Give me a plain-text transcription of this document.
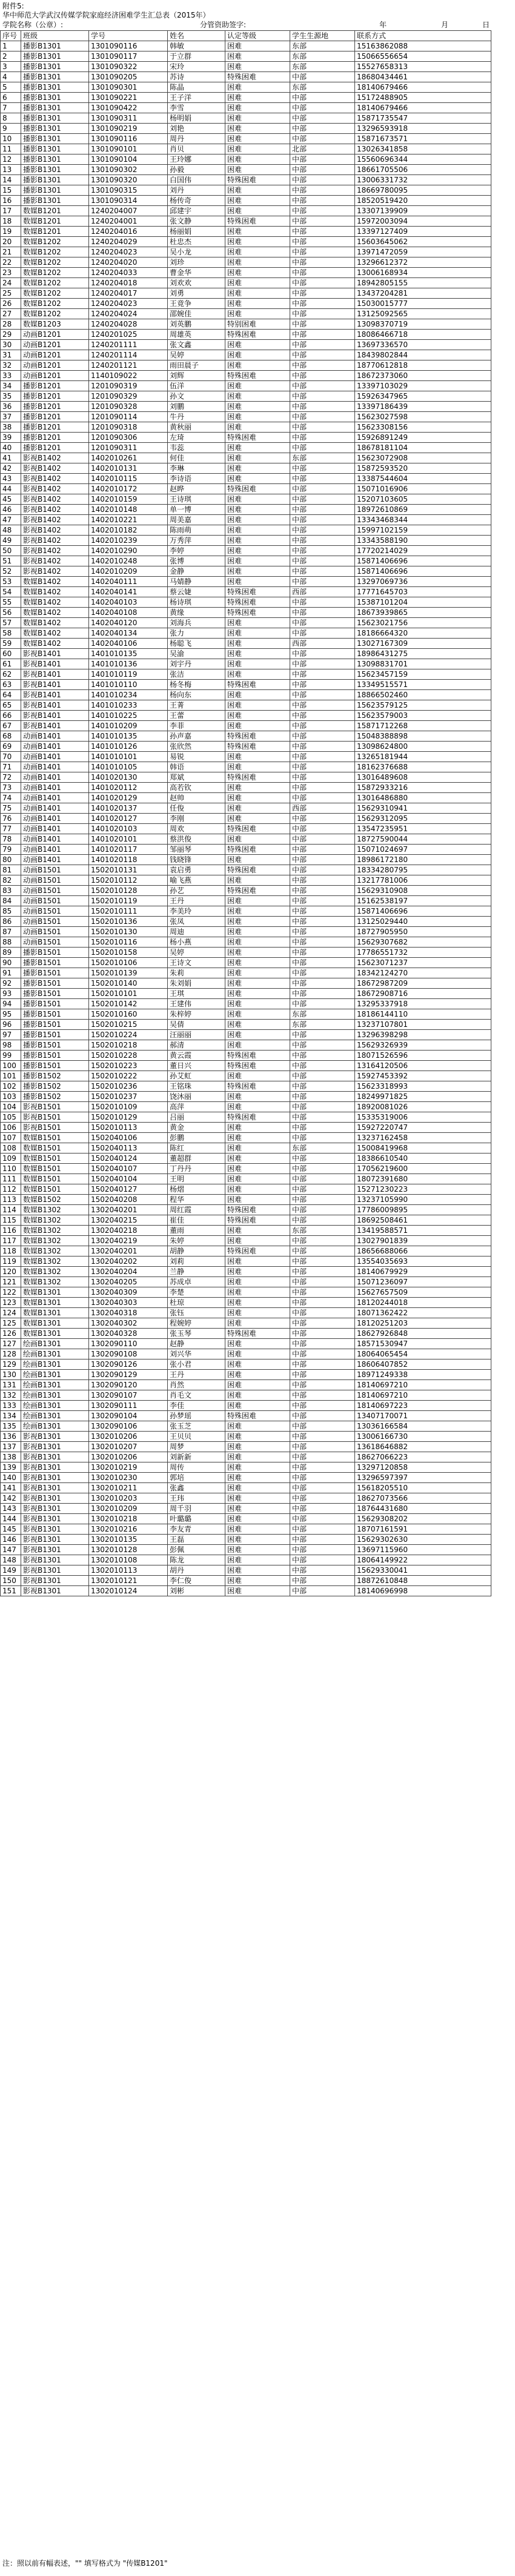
附件5:
华中师范大学武汉传媒学院家庭经济困难学生汇总表（2015年）
学院名称（公章）:	分管资助签字:	年	月	日
序号	班级	学号	姓名	认定等级	学生生源地	联系方式
1	播影B1301	1301090116	韩敏	困难	东部	15163862088
2	播影B1301	1301090117	于立群	困难	东部	15066556654
3	播影B1301	1301090322	宋玲	困难	东部	15527658313
4	播影B1301	1301090205	苏诗	特殊困难	中部	18680434461
5	播影B1301	1301090301	陈晶	困难	东部	18140679466
6	播影B1301	1301090221	王子洋	困难	中部	15172488905
7	播影B1301	1301090422	李雪	困难	中部	18140679466
8	播影B1301	1301090311	杨明娟	困难	中部	15871735547
9	播影B1301	1301090219	刘艳	困难	中部	13296593918
10	播影B1301	1301090116	周丹	困难	中部	15871673571
11	播影B1301	1301090101	肖贝	困难	北部	13026341858
12	播影B1301	1301090104	王玲娜	困难	中部	15560696344
13	播影B1301	1301090302	孙毅	困难	中部	18661705506
14	播影B1301	1301090320	白国伟	特殊困难	中部	13006331732
15	播影B1301	1301090315	刘丹	困难	中部	18669780095
16	播影B1301	1301090314	杨传奇	困难	中部	18520519420
17	数媒B1201	1240204007	邱建宇	困难	中部	13307139909
18	数媒B1201	1240204001	张文静	特殊困难	中部	15972003094
19	数媒B1201	1240204016	杨丽娟	困难	中部	13397127409
20	数媒B1202	1240204029	杜忠杰	困难	中部	15603645062
21	数媒B1202	1240204023	吴小龙	困难	中部	13971472059
22	数媒B1202	1240204020	刘珍	困难	中部	13296612372
23	数媒B1202	1240204033	曹金华	困难	中部	13006168934
24	数媒B1202	1240204018	刘欢欢	困难	中部	18942805155
25	数媒B1202	1240204017	刘勇	困难	中部	13437204281
26	数媒B1202	1240204023	王竟争	困难	中部	15030015777
27	数媒B1202	1240204024	邵婉佳	困难	中部	13125092565
28	数媒B1203	1240204028	刘英鹏	特别困难	中部	13098370719
29	动画B1201	1240201025	周雄英	特殊困难	中部	18086466718
30	动画B1201	1240201111	张文鑫	困难	中部	13697336570
31	动画B1201	1240201114	吴婷	困难	中部	18439802844
32	动画B1201	1240201121	雨田晨子	困难	中部	18770612818
33	动画B1201	1140109022	刘辉	特殊困难	中部	18672373060
34	播影B1201	1201090319	伍洋	困难	中部	13397103029
35	播影B1201	1201090329	孙文	困难	中部	15926347965
36	播影B1201	1201090328	刘鹏	困难	中部	13397186439
37	播影B1201	1201090114	牛丹	困难	中部	15623027598
38	播影B1201	1201090318	黄秋丽	困难	中部	15623308156
39	播影B1201	1201090306	左琦	特殊困难	中部	15926891249
40	播影B1201	1201090311	韦蕊	困难	中部	18678181104
41	影视B1402	1402010261	何佳	困难	东部	15623072908
42	影视B1402	1402010131	李琳	困难	中部	15872593520
43	影视B1402	1402010115	李诗语	困难	中部	13387544604
44	影视B1402	1402010172	赵晔	特殊困难	中部	15071016906
45	影视B1402	1402010159	王诗琪	困难	中部	15207103605
46	影视B1402	1402010148	单一博	困难	中部	18972610869
47	影视B1402	1402010221	周美嘉	困难	中部	13343468344
48	影视B1402	1402010182	陈雨萌	困难	中部	15997102159
49	影视B1402	1402010239	万秀萍	困难	中部	13343588190
50	影视B1402	1402010290	李婷	困难	中部	17720214029
51	影视B1402	1402010248	张博	困难	中部	15871406696
52	影视B1402	1402010209	金静	困难	中部	15871406696
53	数媒B1402	1402040111	马婧静	困难	中部	13297069736
54	数媒B1402	1402040141	蔡云婕	特殊困难	西部	17771645703
55	数媒B1402	1402040103	杨诗琪	特殊困难	中部	15387101204
56	数媒B1402	1402040108	黄缘	特殊困难	中部	18673939865
57	数媒B1402	1402040120	刘海兵	困难	中部	15623021756
58	数媒B1402	1402040134	张力	困难	中部	18186664320
59	数媒B1402	1402040106	杨聪飞	困难	西部	13027167309
60	影视B1401	1401010135	吴渝	困难	中部	18986431275
61	影视B1401	1401010136	刘宇丹	困难	中部	13098831701
62	影视B1401	1401010119	张洁	困难	中部	15623457159
63	影视B1401	1401010110	杨冬梅	特殊困难	中部	13349515571
64	影视B1401	1401010234	杨向东	困难	中部	18866502460
65	影视B1401	1401010233	王菁	困难	中部	15623579125
66	影视B1401	1401010225	王蕾	困难	中部	15623579003
67	影视B1401	1401010209	李菲	困难	中部	15871712268
68	动画B1401	1401010135	孙声嘉	特殊困难	中部	15048388898
69	动画B1401	1401010126	张欣然	特殊困难	中部	13098624800
70	动画B1401	1401010101	易锐	困难	中部	13265181944
71	动画B1401	1401010105	韩语	困难	中部	18162376688
72	动画B1401	1401020130	郑斌	特殊困难	中部	13016489608
73	动画B1401	1401020112	高若钦	困难	中部	15872933216
74	动画B1401	1401020129	赵帅	困难	中部	13016486880
75	动画B1401	1401020137	任俊	困难	西部	15629310941
76	动画B1401	1401020127	李刚	困难	中部	15629312095
77	动画B1401	1401020103	周欢	特殊困难	中部	13547235951
78	动画B1401	1401020101	蔡洪俊	困难	中部	18727590044
79	动画B1401	1401020117	邹丽琴	特殊困难	中部	15071024697
80	动画B1401	1401020118	钱晓锋	困难	中部	18986172180
81	动画B1501	1502010131	袁启勇	特殊困难	中部	18334280795
82	动画B1501	1502010112	喻飞燕	困难	中部	13217781006
83	动画B1501	1502010128	孙艺	特殊困难	中部	15629310908
84	动画B1501	1502010119	王丹	困难	中部	15162538197
85	动画B1501	1502010111	李美玲	困难	中部	15871406696
86	动画B1501	1502010136	张凤	困难	中部	13125029440
87	动画B1501	1502010130	周迪	困难	中部	18727905950
88	动画B1501	1502010116	杨小燕	困难	中部	15629307682
89	播影B1501	1502010158	吴婷	困难	中部	17786551732
90	播影B1501	1502010106	王诗文	困难	中部	15623071237
91	播影B1501	1502010139	朱莉	困难	中部	18342124270
92	播影B1501	1502010140	朱刘娟	困难	中部	18672987209
93	播影B1501	1502010101	王琪	困难	中部	18672908716
94	播影B1501	1502010142	王建伟	困难	中部	13295337918
95	播影B1501	1502010160	朱梓婷	困难	东部	18186144110
96	播影B1501	1502010215	吴倩	困难	东部	13237107801
97	播影B1501	1502010224	汪丽丽	困难	中部	13296398298
98	播影B1501	1502010218	郝清	困难	中部	15629326939
99	播影B1501	1502010228	黄云霞	特殊困难	中部	18071526596
100	播影B1501	1502010223	董日兴	特殊困难	中部	13164120506
101	播影B1502	1502010222	孙艾虹	困难	中部	15927453392
102	播影B1502	1502010236	王铭珠	特殊困难	中部	15623318993
103	播影B1502	1502010237	饶沐丽	困难	中部	18249971825
104	影视B1501	1502010109	高萍	困难	中部	18920081026
105	影视B1501	1502010129	吕丽	特殊困难	中部	15335319006
106	影视B1501	1502010113	黄金	困难	中部	15927220747
107	数媒B1501	1502040106	彭鹏	困难	中部	13237162458
108	数媒B1501	1502040113	陈红	困难	东部	15008419968
109	数媒B1501	1502040124	董超群	困难	中部	18386610540
110	数媒B1501	1502040107	丁丹丹	困难	中部	17056219600
111	数媒B1501	1502040104	王明	困难	中部	18072391680
112	数媒B1501	1502040127	杨熠	困难	中部	15271230223
113	数媒B1502	1502040208	程华	困难	中部	13237105990
114	数媒B1302	1302040201	周红霞	特殊困难	中部	17786009895
115	数媒B1302	1302040215	崔佳	特殊困难	中部	18692508461
116	数媒B1302	1302040218	董雨	困难	东部	13419588571
117	数媒B1302	1302040219	朱婷	困难	中部	13027901839
118	数媒B1302	1302040201	胡静	特殊困难	中部	18656688066
119	数媒B1302	1302040202	刘莉	困难	中部	13554035693
120	数媒B1302	1302040204	兰静	困难	中部	18140679929
121	数媒B1302	1302040205	苏成卓	困难	中部	15071236097
122	数媒B1301	1302040309	李楚	困难	中部	15627657509
123	数媒B1301	1302040303	杜琼	困难	中部	18120244018
124	数媒B1301	1302040318	张钰	困难	中部	18071362422
125	数媒B1301	1302040302	程婉婷	困难	中部	18120251203
126	数媒B1301	1302040328	张玉琴	特殊困难	中部	18627926848
127	绘画B1301	1302090110	赵静	困难	中部	18571530947
128	绘画B1301	1302090108	刘兴华	困难	中部	18064065454
129	绘画B1301	1302090126	张小君	困难	中部	18606407852
130	绘画B1301	1302090129	王丹	困难	中部	18971249338
131	绘画B1301	1302090120	肖然	困难	中部	18140697210
132	绘画B1301	1302090107	肖毛文	困难	中部	18140697210
133	绘画B1301	1302090111	李佳	困难	中部	18140697223
134	绘画B1301	1302090104	孙梦瑶	特殊困难	中部	13407170071
135	绘画B1301	1302090106	张玉芝	困难	中部	13036166584
136	影视B1301	1302010206	王贝贝	困难	中部	13006166730
137	影视B1301	1302010207	周梦	困难	中部	13618646882
138	影视B1301	1302010206	刘新新	困难	中部	18627066223
139	影视B1301	1302010219	周传	困难	中部	13297120858
140	影视B1301	1302010230	郭培	困难	中部	13296597397
141	影视B1301	1302010211	张鑫	困难	中部	15618205510
142	影视B1301	1302010203	王玮	困难	中部	18627073566
143	影视B1301	1302010209	周千羽	困难	中部	18764431680
144	影视B1301	1302010218	叶璐璐	困难	中部	15629308202
145	影视B1301	1302010216	李友青	困难	中部	18707161591
146	影视B1301	1302010135	王磊	困难	中部	15629302630
147	影视B1301	1302010128	彭佩	困难	中部	13697115960
148	影视B1301	1302010108	陈龙	困难	中部	18064149922
149	影视B1301	1302010113	胡丹	困难	中部	15629330041
150	影视B1301	1302010121	李仁俊	困难	中部	18872610848
151	影视B1301	1302010124	刘彬	困难	中部	18140696998
注：照以前有幅表述，"" 填写格式为 "传媒B1201"
